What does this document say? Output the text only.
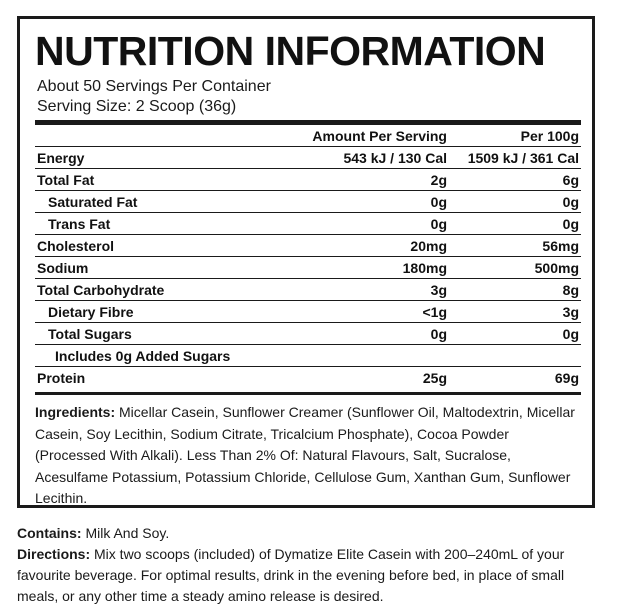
NUTRITION INFORMATION
About 50 Servings Per Container
Serving Size: 2 Scoop (36g)
	Amount Per Serving	Per 100g
Energy	543 kJ / 130 Cal	1509 kJ / 361 Cal
Total Fat	2g	6g
Saturated Fat	0g	0g
Trans Fat	0g	0g
Cholesterol	20mg	56mg
Sodium	180mg	500mg
Total Carbohydrate	3g	8g
Dietary Fibre	<1g	3g
Total Sugars	0g	0g
Includes 0g Added Sugars		
Protein	25g	69g
Ingredients: Micellar Casein, Sunflower Creamer (Sunflower Oil, Maltodextrin, Micellar Casein, Soy Lecithin, Sodium Citrate, Tricalcium Phosphate), Cocoa Powder (Processed With Alkali). Less Than 2% Of: Natural Flavours, Salt, Sucralose, Acesulfame Potassium, Potassium Chloride, Cellulose Gum, Xanthan Gum, Sunflower Lecithin.
Contains: Milk And Soy.
Directions: Mix two scoops (included) of Dymatize Elite Casein with 200–240mL of your favourite beverage. For optimal results, drink in the evening before bed, in place of small meals, or any other time a steady amino release is desired.
